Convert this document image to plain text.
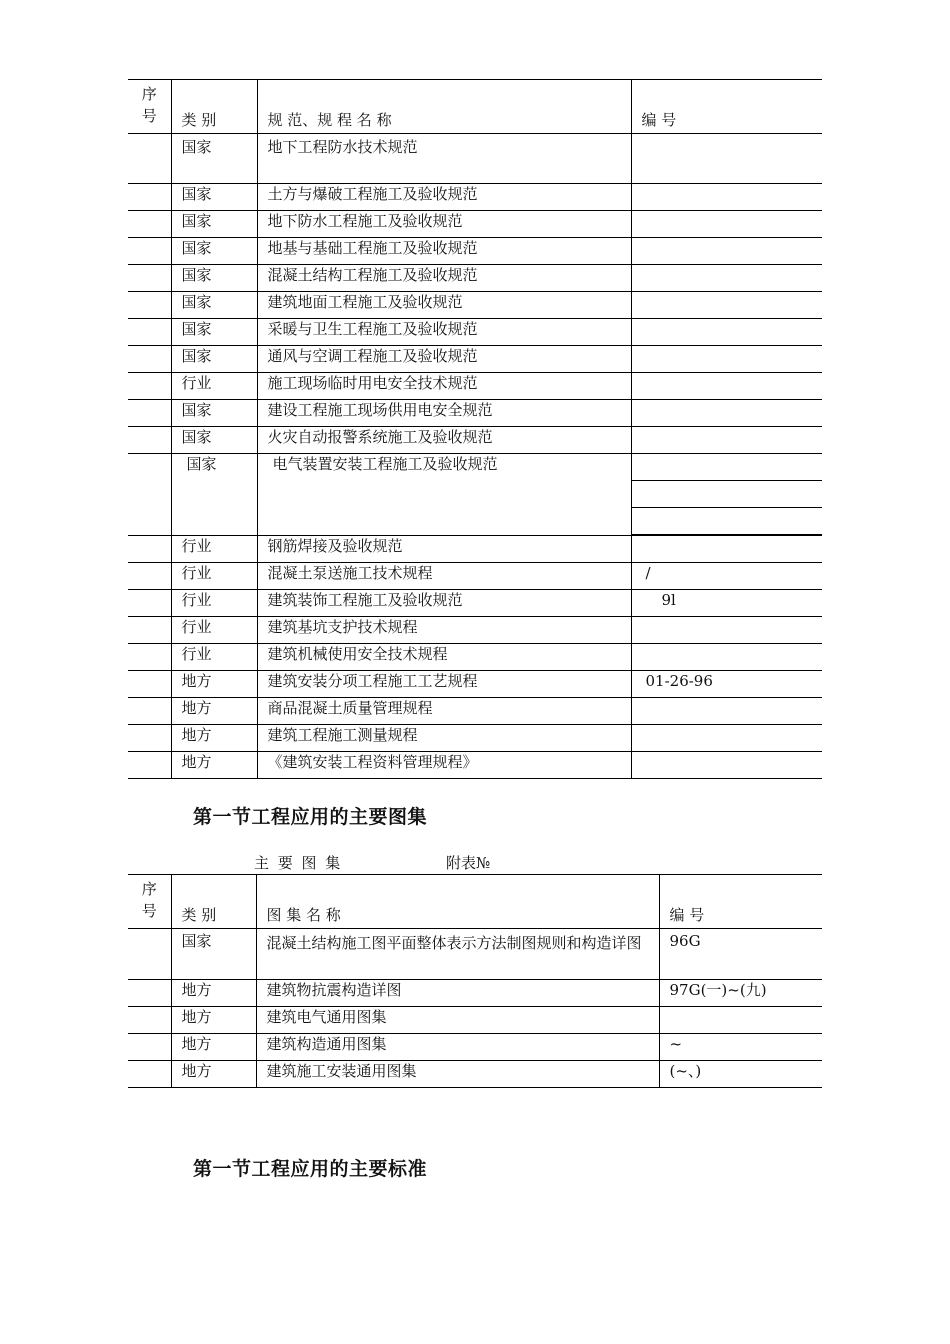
序
号	类 别	规 范、规 程 名 称	编 号
	国家	地下工程防水技术规范	
	国家	土方与爆破工程施工及验收规范	
	国家	地下防水工程施工及验收规范	
	国家	地基与基础工程施工及验收规范	
	国家	混凝土结构工程施工及验收规范	
	国家	建筑地面工程施工及验收规范	
	国家	采暖与卫生工程施工及验收规范	
	国家	通风与空调工程施工及验收规范	
	行业	施工现场临时用电安全技术规范	
	国家	建设工程施工现场供用电安全规范	
	国家	火灾自动报警系统施工及验收规范	
	国家	电气装置安装工程施工及验收规范	

	行业	钢筋焊接及验收规范	
	行业	混凝土泵送施工技术规程	/
	行业	建筑装饰工程施工及验收规范	9l
	行业	建筑基坑支护技术规程	
	行业	建筑机械使用安全技术规程	
	地方	建筑安装分项工程施工工艺规程	01-26-96
	地方	商品混凝土质量管理规程	
	地方	建筑工程施工测量规程	
	地方	《建筑安装工程资料管理规程》	
第一节工程应用的主要图集
主 要 图 集	附表№
序
号	类 别	图 集 名 称	编 号
	国家	混凝土结构施工图平面整体表示方法制图规则和构造详图	96G
	地方	建筑物抗震构造详图	97G(一)~(九)
	地方	建筑电气通用图集	
	地方	建筑构造通用图集	~
	地方	建筑施工安装通用图集	(~、)
第一节工程应用的主要标准
